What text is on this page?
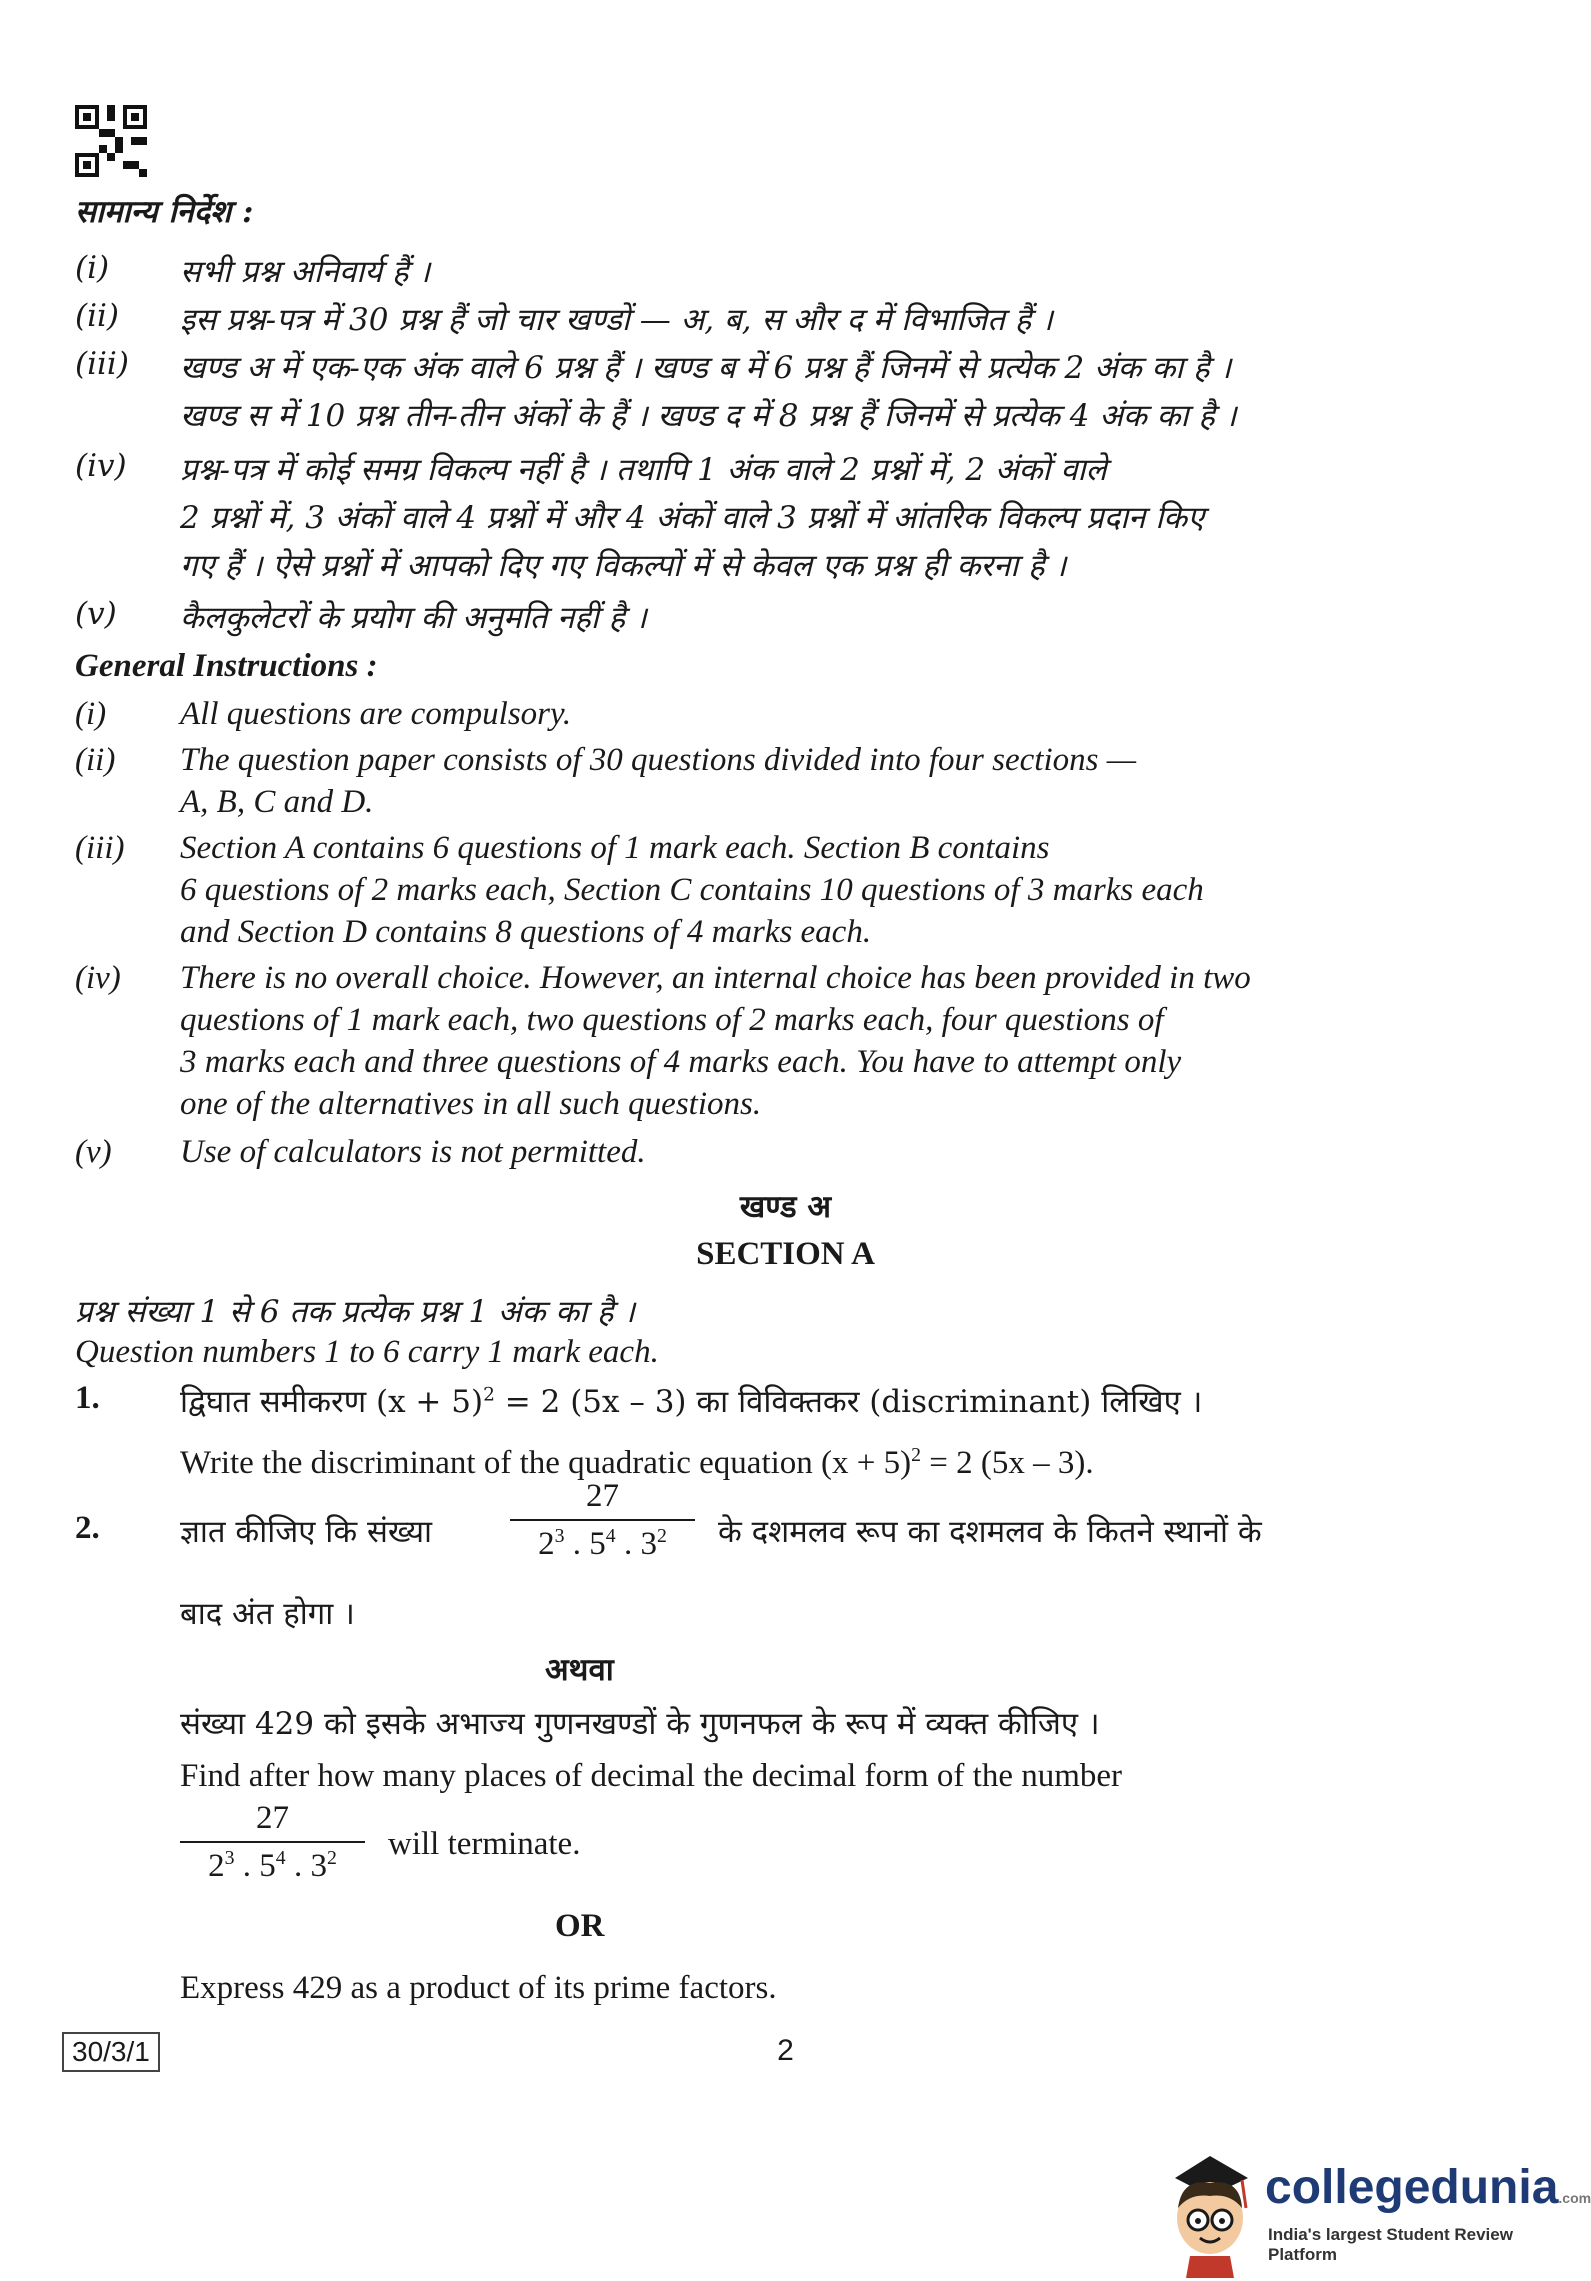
सामान्य निर्देश :
(i) सभी प्रश्न अनिवार्य हैं ।
(ii) इस प्रश्न-पत्र में 30 प्रश्न हैं जो चार खण्डों — अ, ब, स और द में विभाजित हैं ।
(iii) खण्ड अ में एक-एक अंक वाले 6 प्रश्न हैं । खण्ड ब में 6 प्रश्न हैं जिनमें से प्रत्येक 2 अंक का है ।
खण्ड स में 10 प्रश्न तीन-तीन अंकों के हैं । खण्ड द में 8 प्रश्न हैं जिनमें से प्रत्येक 4 अंक का है ।
(iv) प्रश्न-पत्र में कोई समग्र विकल्प नहीं है । तथापि 1 अंक वाले 2 प्रश्नों में, 2 अंकों वाले
2 प्रश्नों में, 3 अंकों वाले 4 प्रश्नों में और 4 अंकों वाले 3 प्रश्नों में आंतरिक विकल्प प्रदान किए
गए हैं । ऐसे प्रश्नों में आपको दिए गए विकल्पों में से केवल एक प्रश्न ही करना है ।
(v) कैलकुलेटरों के प्रयोग की अनुमति नहीं है ।
General Instructions :
(i) All questions are compulsory.
(ii) The question paper consists of 30 questions divided into four sections —
A, B, C and D.
(iii) Section A contains 6 questions of 1 mark each. Section B contains
6 questions of 2 marks each, Section C contains 10 questions of 3 marks each
and Section D contains 8 questions of 4 marks each.
(iv) There is no overall choice. However, an internal choice has been provided in two
questions of 1 mark each, two questions of 2 marks each, four questions of
3 marks each and three questions of 4 marks each. You have to attempt only
one of the alternatives in all such questions.
(v) Use of calculators is not permitted.
खण्ड अ
SECTION A
प्रश्न संख्या 1 से 6 तक प्रत्येक प्रश्न 1 अंक का है ।
Question numbers 1 to 6 carry 1 mark each.
1.	द्विघात समीकरण $(x + 5)^2 = 2$ (5x – 3) का विविक्तकर (discriminant) लिखिए ।
Write the discriminant of the quadratic equation $(x + 5)^2 = 2$ (5x – 3).
2.	ज्ञात कीजिए कि संख्या
27
$2^3$ . $5^4$ . $3^2$	के दशमलव रूप का दशमलव के कितने स्थानों के
बाद अंत होगा ।
अथवा
संख्या 429 को इसके अभाज्य गुणनखण्डों के गुणनफल के रूप में व्यक्त कीजिए ।
Find after how many places of decimal the decimal form of the number
27
$2^3$ . $5^4$ . $3^2$	will terminate.
OR
Express 429 as a product of its prime factors.
30/3/1	2
collegedunia.com
India's largest Student Review Platform
